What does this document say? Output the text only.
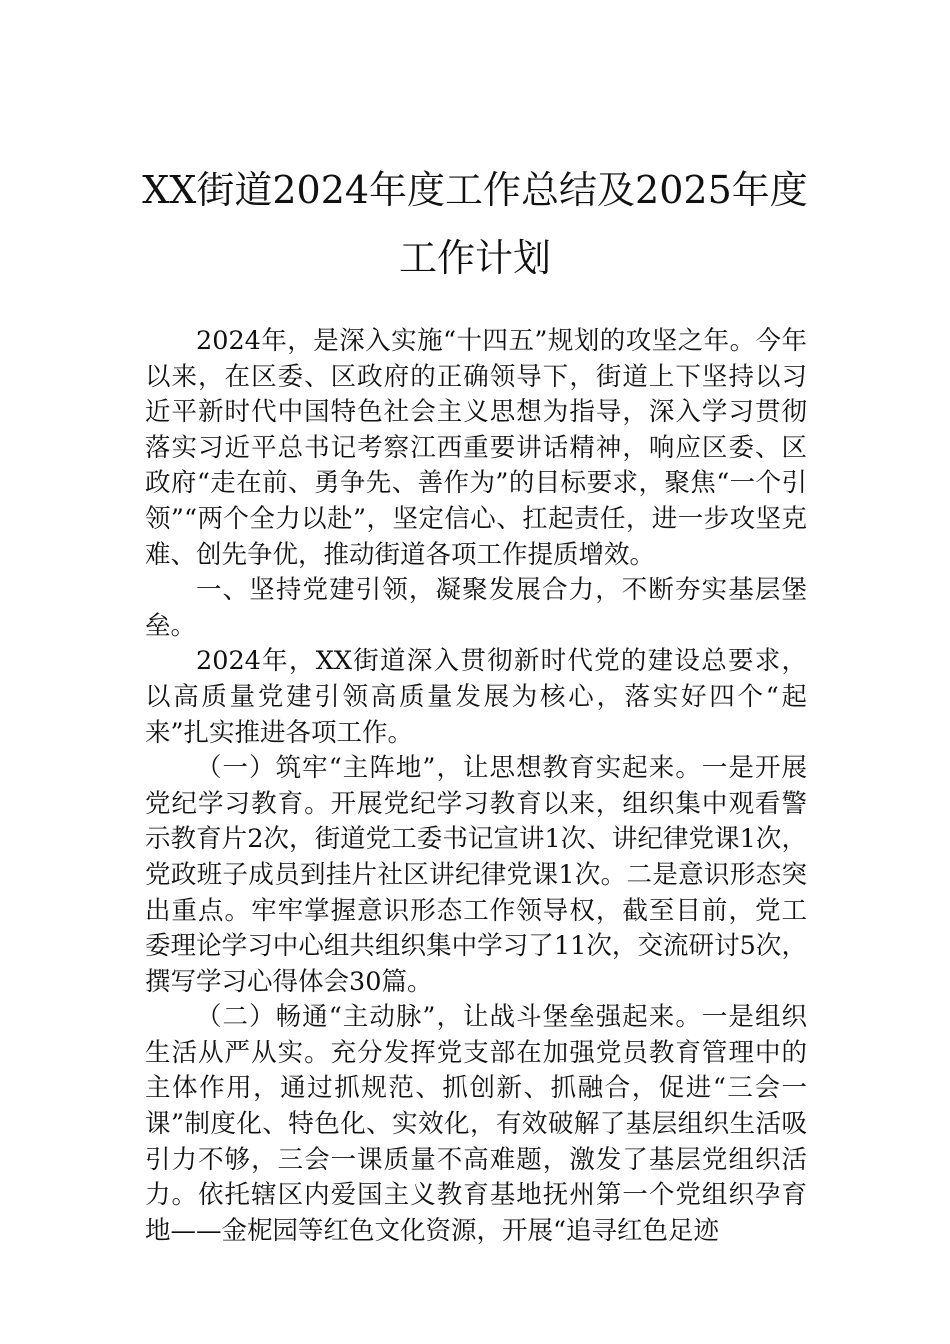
XX街道2024年度工作总结及2025年度工作计划

2024年，是深入实施“十四五”规划的攻坚之年。今年以来，在区委、区政府的正确领导下，街道上下坚持以习近平新时代中国特色社会主义思想为指导，深入学习贯彻落实习近平总书记考察江西重要讲话精神，响应区委、区政府“走在前、勇争先、善作为”的目标要求，聚焦“一个引领”“两个全力以赴”，坚定信心、扛起责任，进一步攻坚克难、创先争优，推动街道各项工作提质增效。

一、坚持党建引领，凝聚发展合力，不断夯实基层堡垒。

2024年，XX街道深入贯彻新时代党的建设总要求，以高质量党建引领高质量发展为核心，落实好四个“起来”扎实推进各项工作。

（一）筑牢“主阵地”，让思想教育实起来。一是开展党纪学习教育。开展党纪学习教育以来，组织集中观看警示教育片2次，街道党工委书记宣讲1次、讲纪律党课1次，党政班子成员到挂片社区讲纪律党课1次。二是意识形态突出重点。牢牢掌握意识形态工作领导权，截至目前，党工委理论学习中心组共组织集中学习了11次，交流研讨5次，撰写学习心得体会30篇。

（二）畅通“主动脉”，让战斗堡垒强起来。一是组织生活从严从实。充分发挥党支部在加强党员教育管理中的主体作用，通过抓规范、抓创新、抓融合，促进“三会一课”制度化、特色化、实效化，有效破解了基层组织生活吸引力不够，三会一课质量不高难题，激发了基层党组织活力。依托辖区内爱国主义教育基地抚州第一个党组织孕育地——金柅园等红色文化资源，开展“追寻红色足迹
